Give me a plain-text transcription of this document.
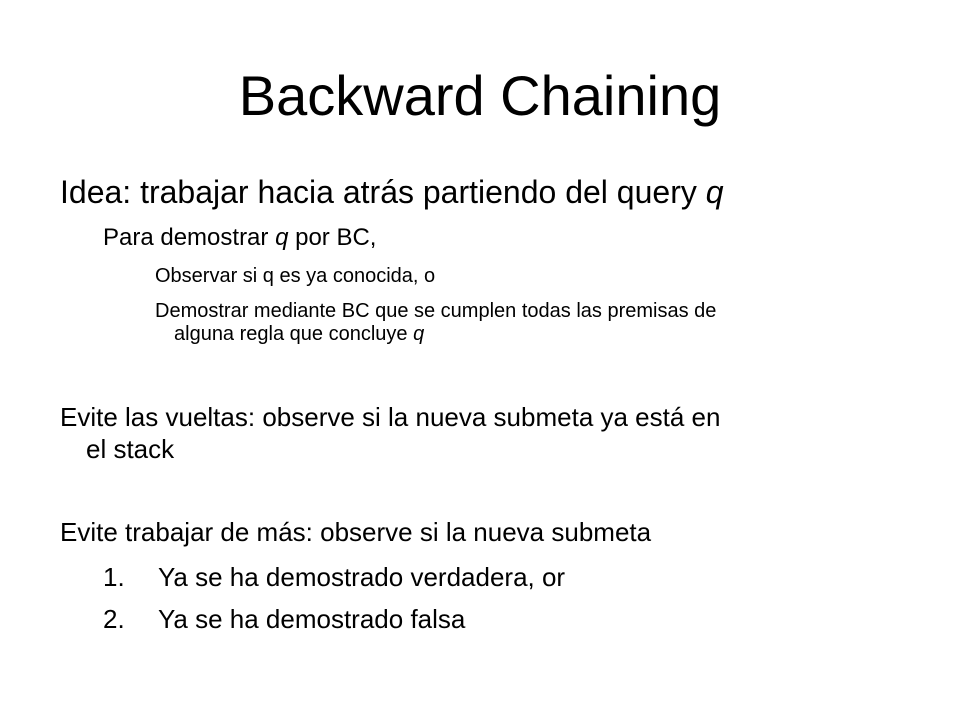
Backward Chaining
Idea: trabajar hacia atrás partiendo del query q
Para demostrar q por BC,
Observar si q es ya conocida, o
Demostrar mediante BC que se cumplen todas las premisas de
alguna regla que concluye q
Evite las vueltas: observe si la nueva submeta ya está en
el stack
Evite trabajar de más: observe si la nueva submeta
1. Ya se ha demostrado verdadera, or
2. Ya se ha demostrado falsa
